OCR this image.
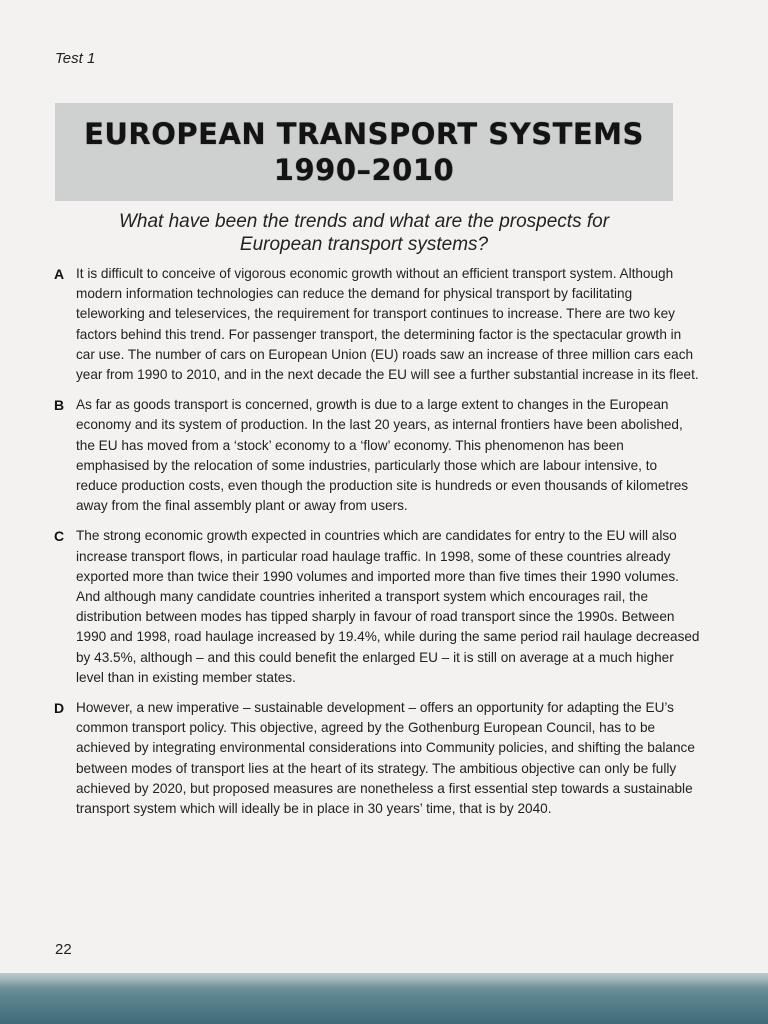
Test 1
EUROPEAN TRANSPORT SYSTEMS
1990–2010
What have been the trends and what are the prospects for
European transport systems?
A It is difficult to conceive of vigorous economic growth without an efficient transport system. Although modern information technologies can reduce the demand for physical transport by facilitating teleworking and teleservices, the requirement for transport continues to increase. There are two key factors behind this trend. For passenger transport, the determining factor is the spectacular growth in car use. The number of cars on European Union (EU) roads saw an increase of three million cars each year from 1990 to 2010, and in the next decade the EU will see a further substantial increase in its fleet.

B As far as goods transport is concerned, growth is due to a large extent to changes in the European economy and its system of production. In the last 20 years, as internal frontiers have been abolished, the EU has moved from a ‘stock’ economy to a ‘flow’ economy. This phenomenon has been emphasised by the relocation of some industries, particularly those which are labour intensive, to reduce production costs, even though the production site is hundreds or even thousands of kilometres away from the final assembly plant or away from users.

C The strong economic growth expected in countries which are candidates for entry to the EU will also increase transport flows, in particular road haulage traffic. In 1998, some of these countries already exported more than twice their 1990 volumes and imported more than five times their 1990 volumes. And although many candidate countries inherited a transport system which encourages rail, the distribution between modes has tipped sharply in favour of road transport since the 1990s. Between 1990 and 1998, road haulage increased by 19.4%, while during the same period rail haulage decreased by 43.5%, although – and this could benefit the enlarged EU – it is still on average at a much higher level than in existing member states.

D However, a new imperative – sustainable development – offers an opportunity for adapting the EU’s common transport policy. This objective, agreed by the Gothenburg European Council, has to be achieved by integrating environmental considerations into Community policies, and shifting the balance between modes of transport lies at the heart of its strategy. The ambitious objective can only be fully achieved by 2020, but proposed measures are nonetheless a first essential step towards a sustainable transport system which will ideally be in place in 30 years’ time, that is by 2040.

22
